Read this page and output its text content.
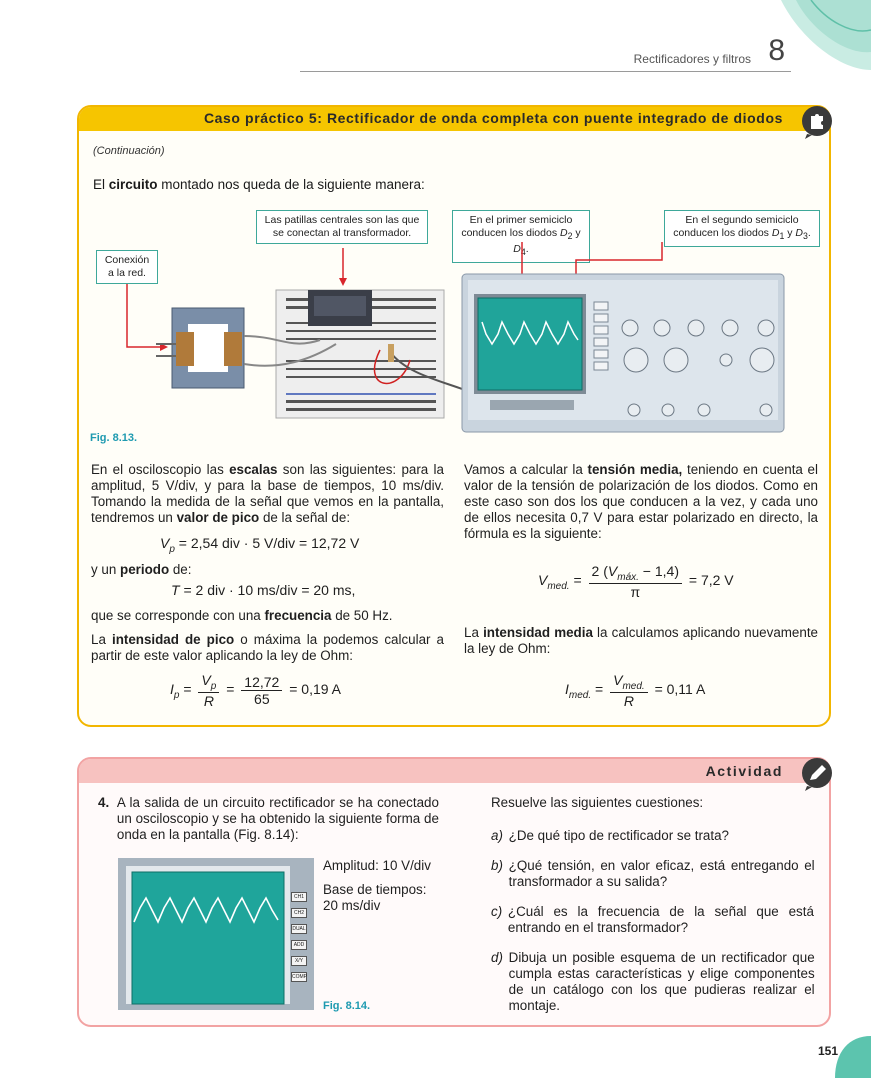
Rectificadores y filtros 8
Caso práctico 5: Rectificador de onda completa con puente integrado de diodos
(Continuación)
El circuito montado nos queda de la siguiente manera:
Conexión a la red.
Las patillas centrales son las que se conectan al transformador.
En el primer semiciclo conducen los diodos $D_2$ y $D_4$.
En el segundo semiciclo conducen los diodos $D_1$ y $D_3$.
Fig. 8.13.
En el osciloscopio las escalas son las siguientes: para la amplitud, 5 V/div, y para la base de tiempos, 10 ms/div. Tomando la medida de la señal que vemos en la pantalla, tendremos un valor de pico de la señal de:
$V_p = 2,54$ div · 5 V/div = 12,72 V
y un periodo de:
T = 2 div · 10 ms/div = 20 ms,
que se corresponde con una frecuencia de 50 Hz.
La intensidad de pico o máxima la podemos calcular a partir de este valor aplicando la ley de Ohm:
$I_p = \frac{V_p}{R} = \frac{12,72}{65} = 0,19$ A
Vamos a calcular la tensión media, teniendo en cuenta el valor de la tensión de polarización de los diodos. Como en este caso son dos los que conducen a la vez, y cada uno de ellos necesita 0,7 V para estar polarizado en directo, la fórmula es la siguiente:
$V_{med.} = \frac{2 (V_{máx.} - 1,4)}{\pi} = 7,2$ V
La intensidad media la calculamos aplicando nuevamente la ley de Ohm:
$I_{med.} = \frac{V_{med.}}{R} = 0,11$ A
Actividad
4. A la salida de un circuito rectificador se ha conectado un osciloscopio y se ha obtenido la siguiente forma de onda en la pantalla (Fig. 8.14):
CH1
CH2
DUAL
ADD
X/Y
COMP
Amplitud: 10 V/div
Base de tiempos: 20 ms/div
Fig. 8.14.
Resuelve las siguientes cuestiones:
a) ¿De qué tipo de rectificador se trata?
b) ¿Qué tensión, en valor eficaz, está entregando el transformador a su salida?
c) ¿Cuál es la frecuencia de la señal que está entrando en el transformador?
d) Dibuja un posible esquema de un rectificador que cumpla estas características y elige componentes de un catálogo con los que pudieras realizar el montaje.
151
